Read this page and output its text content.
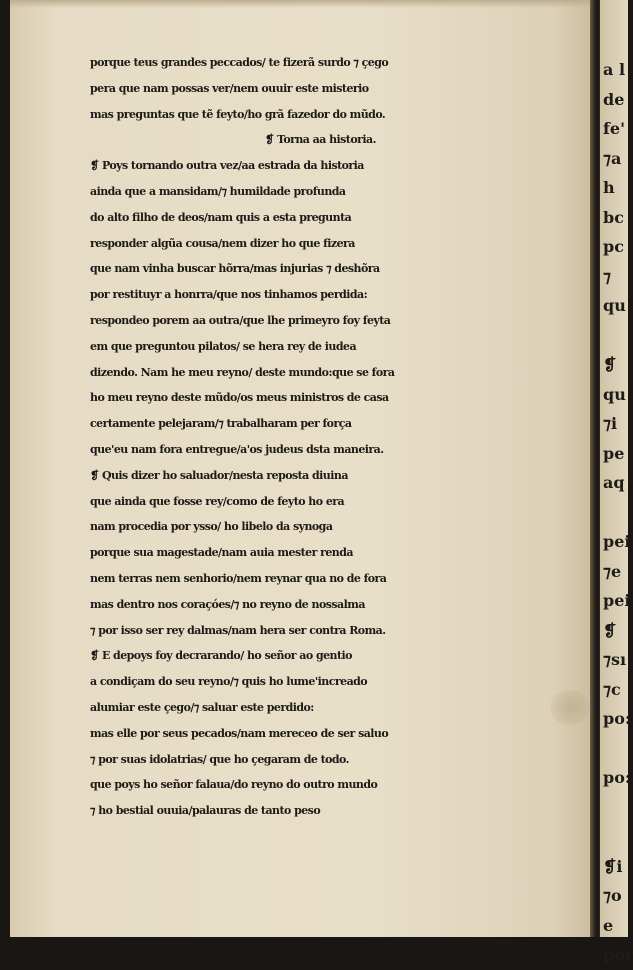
porque teus grandes peccados/ te fizerã surdo ⁊ çego
pera que nam possas ver/nem ouuir este misterio
mas preguntas que tẽ feyto/ho grã fazedor do mũdo.
❡ Torna aa historia.
❡ Poys tornando outra vez/aa estrada da historia
ainda que a mansidam/⁊ humildade profunda
do alto filho de deos/nam quis a esta pregunta
responder algũa cousa/nem dizer ho que fizera
que nam vinha buscar hõrra/mas injurias ⁊ deshõra
por restituyr a honrra/que nos tinhamos perdida:
respondeo porem aa outra/que lhe primeyro foy feyta
em que preguntou pilatos/ se hera rey de iudea
dizendo. Nam he meu reyno/ deste mundo:que se fora
ho meu reyno deste mũdo/os meus ministros de casa
certamente pelejaram/⁊ trabalharam per força
que'eu nam fora entregue/a'os judeus dsta maneira.
❡ Quis dizer ho saluador/nesta reposta diuina
que ainda que fosse rey/como de feyto ho era
nam procedia por ysso/ ho libelo da synoga
porque sua magestade/nam auia mester renda
nem terras nem senhorio/nem reynar qua no de fora
mas dentro nos coraçóes/⁊ no reyno de nossalma
⁊ por isso ser rey dalmas/nam hera ser contra Roma.
❡ E depoys foy decrarando/ ho señor ao gentio
a condiçam do seu reyno/⁊ quis ho lume'increado
alumiar este çego/⁊ saluar este perdido:
mas elle por seus pecados/nam mereceo de ser saluo
⁊ por suas idolatrias/ que ho çegaram de todo.
que poys ho señor falaua/do reyno do outro mundo
⁊ ho bestial ouuia/palauras de tanto peso
a l
de
fe'
⁊a
h
bc
pc
⁊
qu
❡
qu
⁊i
pe
aq
pei
⁊e
pei
❡
⁊sı
⁊c
po:
po:
❡i
⁊o
e
por
